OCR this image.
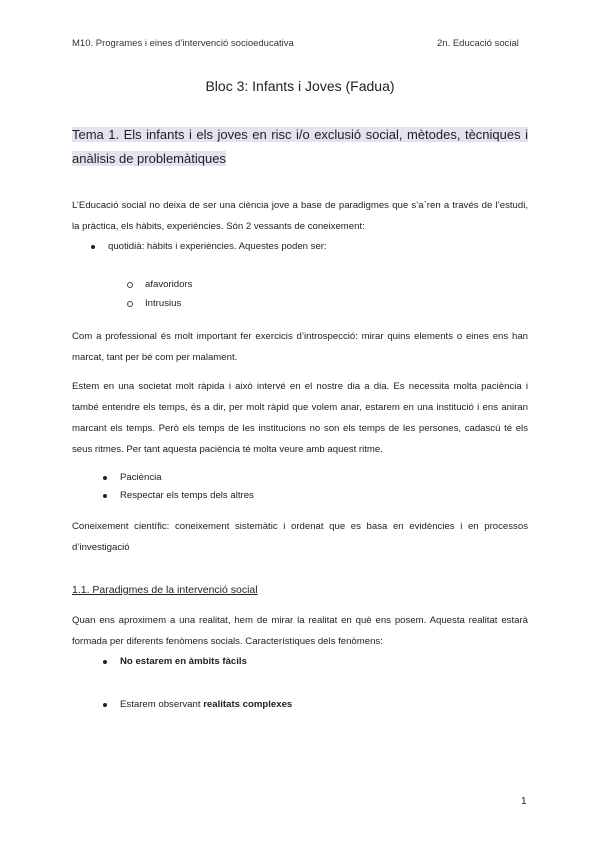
M10. Programes i eines d’intervenció socioeducativa	2n. Educació social
Bloc 3: Infants i Joves (Fadua)
Tema 1. Els infants i els joves en risc i/o exclusió social, mètodes, tècniques i anàlisis de problemàtiques
L’Educació social no deixa de ser una ciència jove a base de paradigmes que s’a`ren a través de l’estudi, la pràctica, els hàbits, experiències. Són 2 vessants de coneixement:
quotidià: hàbits i experiències. Aquestes poden ser:
afavoridors
Intrusius
Com a professional és molt important fer exercicis d’introspecció: mirar quins elements o eines ens han marcat, tant per bé com per malament.
Estem en una societat molt ràpida i això intervé en el nostre dia a dia. Es necessita molta paciència i també entendre els temps, és a dir, per molt ràpid que volem anar, estarem en una institució i ens aniran marcant els temps. Però els temps de les institucions no son els temps de les persones, cadascú té els seus ritmes. Per tant aquesta paciència té molta veure amb aquest ritme.
Paciència
Respectar els temps dels altres
Coneixement científic: coneixement sistemàtic i ordenat que es basa en evidències i en processos d’investigació
1.1. Paradigmes de la intervenció social
Quan ens aproximem a una realitat, hem de mirar la realitat en què ens posem. Aquesta realitat estarà formada per diferents fenòmens socials. Característiques dels fenòmens:
No estarem en àmbits fàcils
Estarem observant realitats complexes
1
